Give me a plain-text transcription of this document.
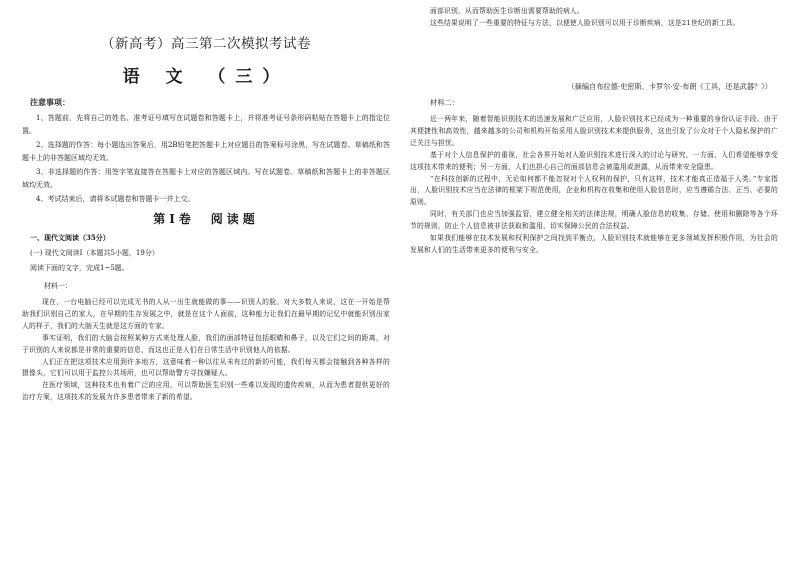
（新高考）高三第二次模拟考试卷
语 文 （三）
注意事项：

1、答题前，先将自己的姓名、准考证号填写在试题卷和答题卡上，并将准考证号条形码粘贴在答题卡上的指定位置。

2、选择题的作答：每小题选出答案后，用2B铅笔把答题卡上对应题目的答案标号涂黑，写在试题卷、草稿纸和答题卡上的非答题区域均无效。

3、非选择题的作答：用签字笔直接答在答题卡上对应的答题区域内。写在试题卷、草稿纸和答题卡上的非答题区域均无效。

4、考试结束后，请将本试题卷和答题卡一并上交。

第Ⅰ卷　阅读题
一、现代文阅读（35分）
(一) 现代文阅读Ⅰ（本题共5小题，19分）
阅读下面的文字，完成1~5题。
材料一：

现在，一台电脑已经可以完成无书的人从一出生就能做的事——识别人的脸。对大多数人来说，这在一开始是帮助我们识别自己的家人，在早期的生存发展之中，就是在这个人面前，这种能力让我们在最早期的记忆中就能识别出家人的样子，我们的大脑天生就是这方面的专家。

事实证明，我们的大脑会按照某种方式来处理人脸，我们的面部特征包括眼睛和鼻子，以及它们之间的距离，对于识别的人来说都是非常的重要的信息，而这也正是人们在日常生活中识别他人的依据。

人们正在把这项技术应用到许多地方，这意味着一种以往从未有过的新的可能，我们每天都会接触到各种各样的摄像头，它们可以用于监控公共场所，也可以帮助警方寻找嫌疑人。

在医疗领域，这种技术也有着广泛的应用，可以帮助医生识别一些难以发现的遗传疾病，从而为患者提供更好的治疗方案，这项技术的发展为许多患者带来了新的希望。

面部识别，从而帮助医生诊断出需要帮助的病人。

这些结果说明了一些重要的特征与方法，以便使人脸识别可以用于诊断疾病，这是21世纪的新工具。

（摘编自布拉德·史密斯、卡罗尔·安·布朗《工具，还是武器？》）
材料二：

近一两年来，随着智能识别技术的迅速发展和广泛应用，人脸识别技术已经成为一种重要的身份认证手段。由于其便捷性和高效性，越来越多的公司和机构开始采用人脸识别技术来提供服务，这也引发了公众对于个人隐私保护的广泛关注与担忧。

基于对个人信息保护的重视，社会各界开始对人脸识别技术进行深入的讨论与研究，一方面，人们希望能够享受这项技术带来的便利；另一方面，人们也担心自己的面部信息会被滥用或泄露，从而带来安全隐患。

“在科技创新的过程中，无论如何都不能忽视对个人权利的保护，只有这样，技术才能真正造福于人类。”专家指出，人脸识别技术应当在法律的框架下规范使用，企业和机构在收集和使用人脸信息时，应当遵循合法、正当、必要的原则。

同时，有关部门也应当加强监管，建立健全相关的法律法规，明确人脸信息的收集、存储、使用和删除等各个环节的规则，防止个人信息被非法获取和滥用，切实保障公民的合法权益。

如果我们能够在技术发展和权利保护之间找到平衡点，人脸识别技术就能够在更多领域发挥积极作用，为社会的发展和人们的生活带来更多的便利与安全。
